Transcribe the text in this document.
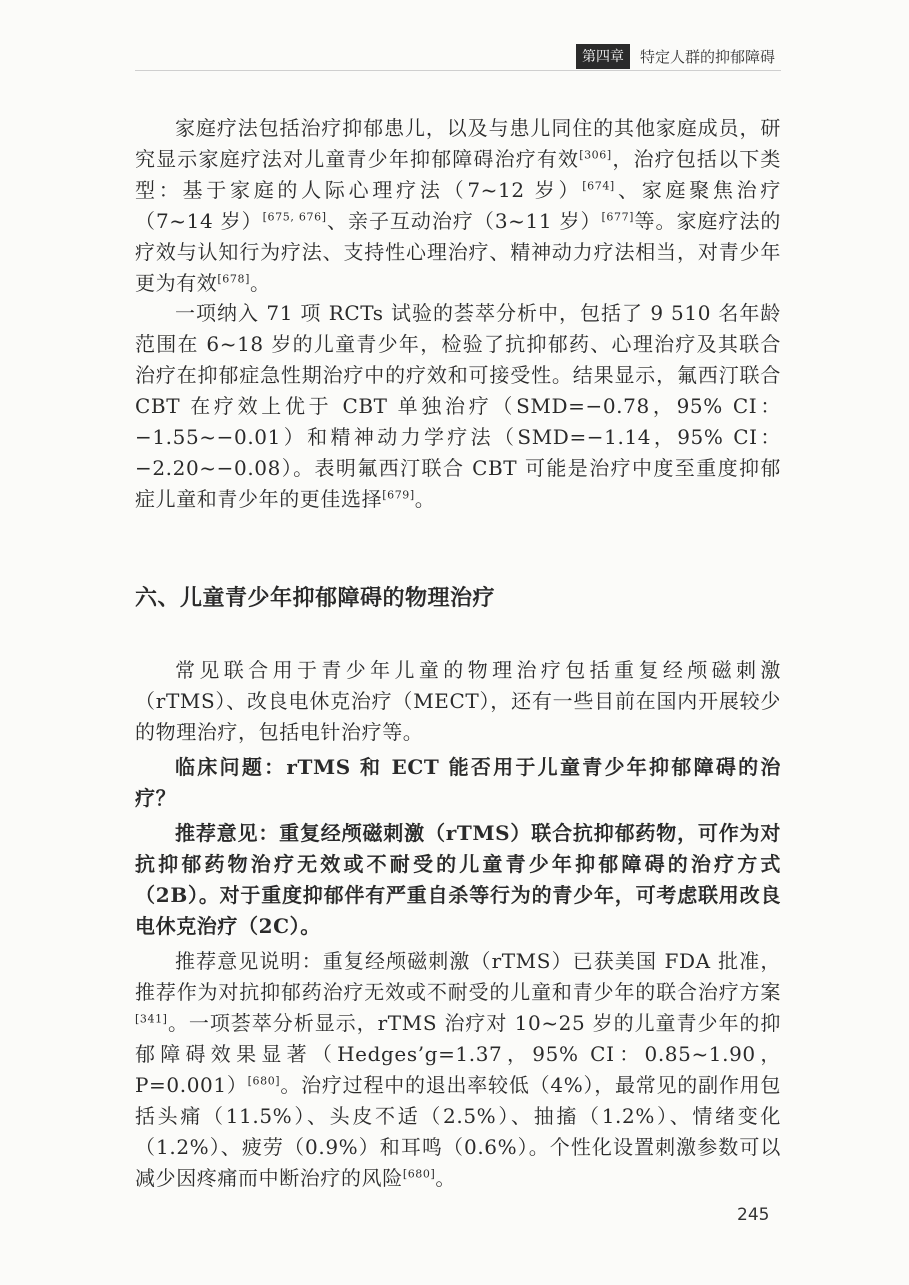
第四章	特定人群的抑郁障碍

家庭疗法包括治疗抑郁患儿，以及与患儿同住的其他家庭成员，研究显示家庭疗法对儿童青少年抑郁障碍治疗有效[306]，治疗包括以下类型：基于家庭的人际心理疗法（7~12 岁）[674]、家庭聚焦治疗（7~14 岁）[675, 676]、亲子互动治疗（3~11 岁）[677]等。家庭疗法的疗效与认知行为疗法、支持性心理治疗、精神动力疗法相当，对青少年更为有效[678]。

一项纳入 71 项 RCTs 试验的荟萃分析中，包括了 9 510 名年龄范围在 6~18 岁的儿童青少年，检验了抗抑郁药、心理治疗及其联合治疗在抑郁症急性期治疗中的疗效和可接受性。结果显示，氟西汀联合 CBT 在疗效上优于 CBT 单独治疗（SMD=−0.78，95% CI：−1.55~−0.01）和精神动力学疗法（SMD=−1.14，95% CI：−2.20~−0.08）。表明氟西汀联合 CBT 可能是治疗中度至重度抑郁症儿童和青少年的更佳选择[679]。

六、儿童青少年抑郁障碍的物理治疗

常见联合用于青少年儿童的物理治疗包括重复经颅磁刺激（rTMS）、改良电休克治疗（MECT），还有一些目前在国内开展较少的物理治疗，包括电针治疗等。

临床问题：rTMS 和 ECT 能否用于儿童青少年抑郁障碍的治疗？

推荐意见：重复经颅磁刺激（rTMS）联合抗抑郁药物，可作为对抗抑郁药物治疗无效或不耐受的儿童青少年抑郁障碍的治疗方式（2B）。对于重度抑郁伴有严重自杀等行为的青少年，可考虑联用改良电休克治疗（2C）。

推荐意见说明：重复经颅磁刺激（rTMS）已获美国 FDA 批准，推荐作为对抗抑郁药治疗无效或不耐受的儿童和青少年的联合治疗方案[341]。一项荟萃分析显示，rTMS 治疗对 10~25 岁的儿童青少年的抑郁障碍效果显著（Hedges’g=1.37，95% CI：0.85~1.90，P=0.001）[680]。治疗过程中的退出率较低（4%），最常见的副作用包括头痛（11.5%）、头皮不适（2.5%）、抽搐（1.2%）、情绪变化（1.2%）、疲劳（0.9%）和耳鸣（0.6%）。个性化设置刺激参数可以减少因疼痛而中断治疗的风险[680]。

245
